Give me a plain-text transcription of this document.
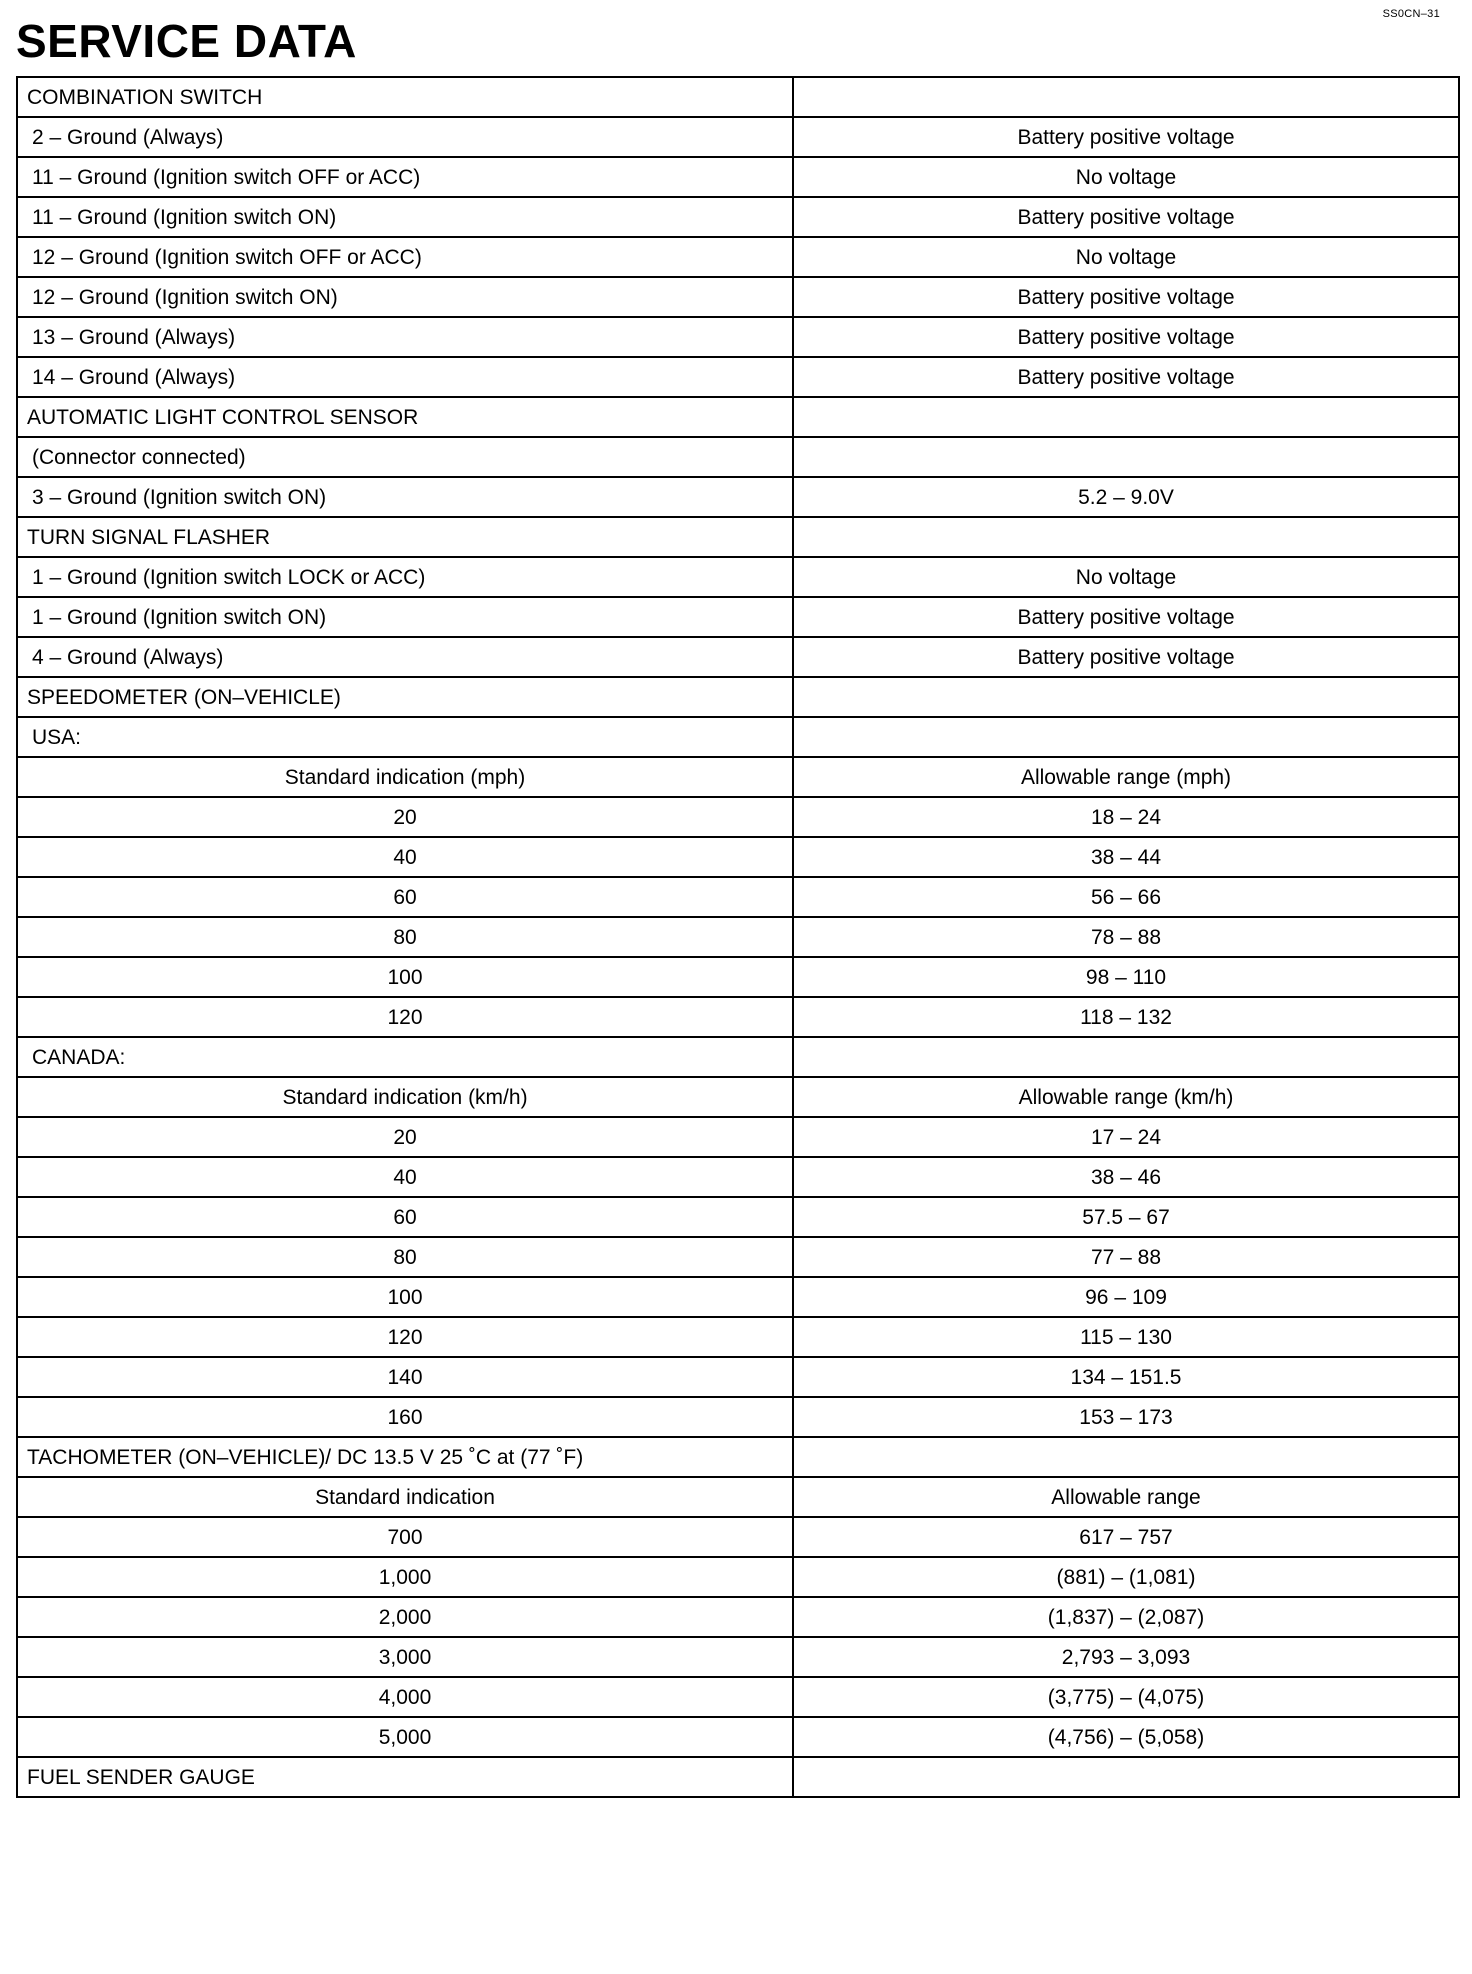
SS0CN–31
SERVICE DATA
COMBINATION SWITCH	
2 – Ground (Always)	Battery positive voltage
11 – Ground (Ignition switch OFF or ACC)	No voltage
11 – Ground (Ignition switch ON)	Battery positive voltage
12 – Ground (Ignition switch OFF or ACC)	No voltage
12 – Ground (Ignition switch ON)	Battery positive voltage
13 – Ground (Always)	Battery positive voltage
14 – Ground (Always)	Battery positive voltage
AUTOMATIC LIGHT CONTROL SENSOR	
(Connector connected)	
3 – Ground (Ignition switch ON)	5.2 – 9.0V
TURN SIGNAL FLASHER	
1 – Ground (Ignition switch LOCK or ACC)	No voltage
1 – Ground (Ignition switch ON)	Battery positive voltage
4 – Ground (Always)	Battery positive voltage
SPEEDOMETER (ON–VEHICLE)	
USA:	
Standard indication (mph)	Allowable range (mph)
20	18 – 24
40	38 – 44
60	56 – 66
80	78 – 88
100	98 – 110
120	118 – 132
CANADA:	
Standard indication (km/h)	Allowable range (km/h)
20	17 – 24
40	38 – 46
60	57.5 – 67
80	77 – 88
100	96 – 109
120	115 – 130
140	134 – 151.5
160	153 – 173
TACHOMETER (ON–VEHICLE)/ DC 13.5 V 25 ˚C at (77 ˚F)	
Standard indication	Allowable range
700	617 – 757
1,000	(881) – (1,081)
2,000	(1,837) – (2,087)
3,000	2,793 – 3,093
4,000	(3,775) – (4,075)
5,000	(4,756) – (5,058)
FUEL SENDER GAUGE	
